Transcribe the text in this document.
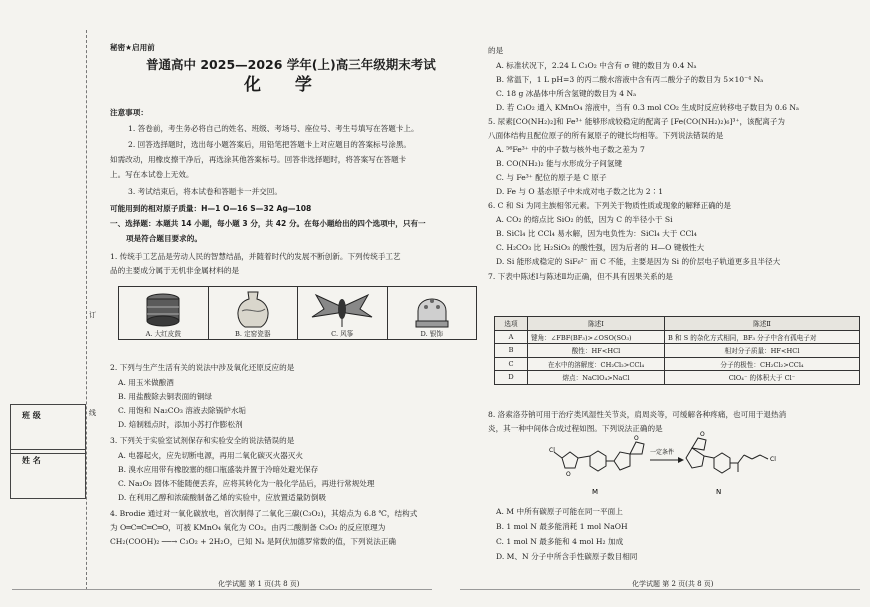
班 级
姓 名
订
线
秘密★启用前
普通高中 2025—2026 学年(上)高三年级期末考试
化 学
注意事项：
1. 答卷前，考生务必将自己的姓名、班级、考场号、座位号、考生号填写在答题卡上。
2. 回答选择题时，选出每小题答案后，用铅笔把答题卡上对应题目的答案标号涂黑。
如需改动，用橡皮擦干净后，再选涂其他答案标号。回答非选择题时，将答案写在答题卡
上。写在本试卷上无效。
3. 考试结束后，将本试卷和答题卡一并交回。
可能用到的相对原子质量：H—1 O—16 S—32 Ag—108
一、选择题：本题共 14 小题，每小题 3 分，共 42 分。在每小题给出的四个选项中，只有一
项是符合题目要求的。
1. 传统手工艺品是劳动人民的智慧结晶，并随着时代的发展不断创新。下列传统手工艺
品的主要成分属于无机非金属材料的是
2. 下列与生产生活有关的说法中涉及氧化还原反应的是
A. 用玉米做酿酒
B. 用盐酸除去铜表面的铜绿
C. 用饱和 Na₂CO₃ 溶液去除锅炉水垢
D. 焙制糕点时，添加小苏打作膨松剂
3. 下列关于实验室试剂保存和实验安全的说法错误的是
A. 电器起火，应先切断电源，再用二氧化碳灭火器灭火
B. 溴水应用带有橡胶塞的细口瓶盛装并置于冷暗处避光保存
C. Na₂O₂ 固体不能随便丢弃，应将其转化为一般化学品后，再进行常规处理
D. 在利用乙醇和浓硫酸制备乙烯的实验中，应放置适量防倒吸
4. Brodie 通过对一氧化碳放电，首次制得了二氧化三碳(C₃O₂)，其熔点为 6.8 ℃，结构式
为 O═C═C═C═O，可被 KMnO₄ 氧化为 CO₂。由丙二酸制备 C₃O₂ 的反应原理为
CH₂(COOH)₂ ──→ C₃O₂ + 2H₂O，已知 Nₐ 是阿伏加德罗常数的值，下列说法正确
A. 大红皮鼓	B. 定窑瓷器	C. 风筝	D. 银饰
的是
A. 标准状况下，2.24 L C₃O₂ 中含有 σ 键的数目为 0.4 Nₐ
B. 常温下，1 L pH=3 的丙二酸水溶液中含有丙二酸分子的数目为 5×10⁻⁴ Nₐ
C. 18 g 冰晶体中所含氢键的数目为 4 Nₐ
D. 若 C₃O₂ 通入 KMnO₄ 溶液中，当有 0.3 mol CO₂ 生成时反应转移电子数目为 0.6 Nₐ
5. 尿素[CO(NH₂)₂]和 Fe³⁺ 能够形成较稳定的配离子 [Fe(CO(NH₂)₂)₆]³⁺，该配离子为
八面体结构且配位原子的所有氮原子的键长均相等。下列说法错误的是
A. ⁵⁶Fe³⁺ 中的中子数与核外电子数之差为 7
B. CO(NH₂)₂ 能与水形成分子间氢键
C. 与 Fe³⁺ 配位的原子是 C 原子
D. Fe 与 O 基态原子中未成对电子数之比为 2∶1
6. C 和 Si 为同主族相邻元素。下列关于物质性质或现象的解释正确的是
A. CO₂ 的熔点比 SiO₂ 的低，因为 C 的半径小于 Si
B. SiCl₄ 比 CCl₄ 易水解，因为电负性为：SiCl₄ 大于 CCl₄
C. H₂CO₃ 比 H₂SiO₃ 的酸性强，因为后者的 H—O 键极性大
D. Si 能形成稳定的 SiF₆²⁻ 而 C 不能，主要是因为 Si 的价层电子轨道更多且半径大
7. 下表中陈述Ⅰ与陈述Ⅱ均正确，但不具有因果关系的是
8. 洛索洛芬钠可用于治疗类风湿性关节炎，肩周炎等，可缓解各种疼痛，也可用于退热消
炎，其一种中间体合成过程如图。下列说法正确的是
A. M 中所有碳原子可能在同一平面上
B. 1 mol N 最多能消耗 1 mol NaOH
C. 1 mol N 最多能和 4 mol H₂ 加成
D. M、N 分子中所含手性碳原子数目相同
选项	陈述Ⅰ	陈述Ⅱ
A	键角：∠FBF(BF₃)>∠OSO(SO₃)	B 和 S 的杂化方式相同，BF₃ 分子中含有孤电子对
B	酸性：HF<HCl	相对分子质量：HF<HCl
C	在水中的溶解度：CH₂Cl₂>CCl₄	分子的极性：CH₂Cl₂>CCl₄
D	熔点：NaClO₄>NaCl	ClO₄⁻ 的体积大于 Cl⁻
Cl
O
O
M
一定条件
O
Cl
N
化学试题 第 1 页(共 8 页)	化学试题 第 2 页(共 8 页)
